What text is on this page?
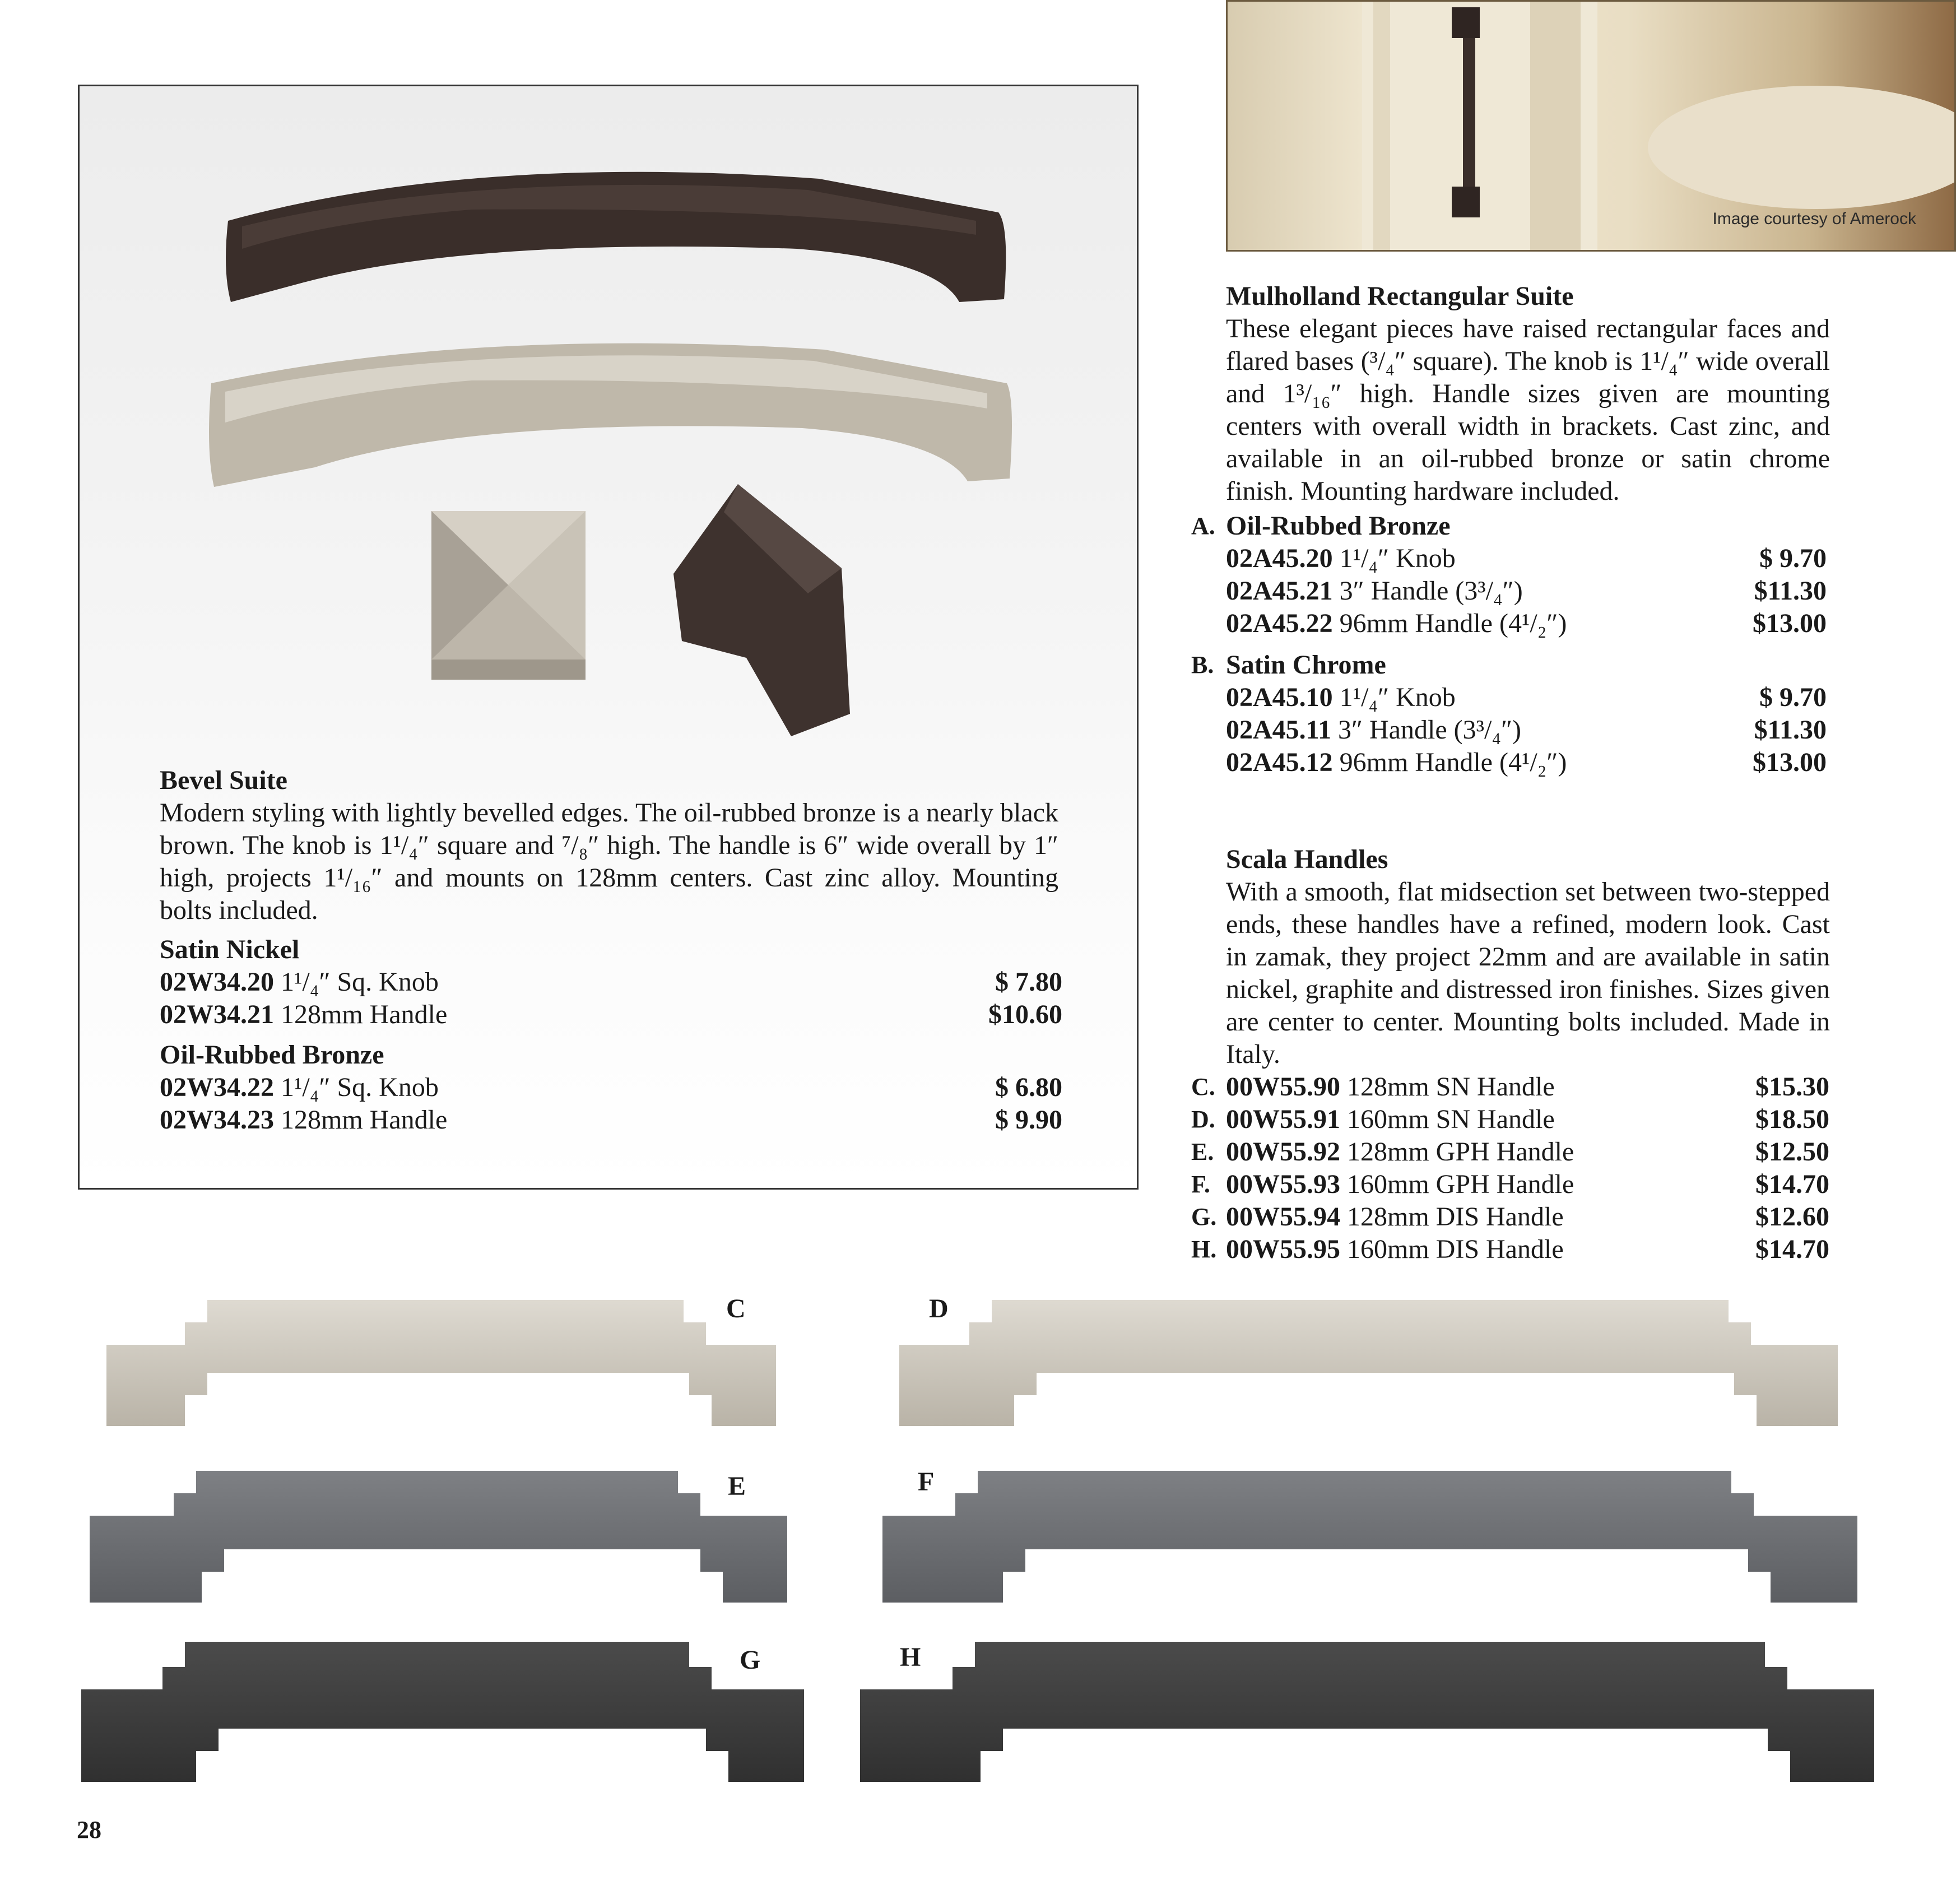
Bevel Suite
Modern styling with lightly bevelled edges. The oil-rubbed bronze is a nearly black brown. The knob is 1¹/₄″ square and ⁷/₈″ high. The handle is 6″ wide overall by 1″ high, projects 1¹/₁₆″ and mounts on 128mm centers. Cast zinc alloy. Mounting bolts included.
Satin Nickel
02W34.20 1¹/₄″ Sq. Knob	$ 7.80
02W34.21 128mm Handle	$10.60
Oil-Rubbed Bronze
02W34.22 1¹/₄″ Sq. Knob	$ 6.80
02W34.23 128mm Handle	$ 9.90
Image courtesy of Amerock
Mulholland Rectangular Suite
These elegant pieces have raised rectangular faces and flared bases (³/₄″ square). The knob is 1¹/₄″ wide overall and 1³/₁₆″ high. Handle sizes given are mounting centers with overall width in brackets. Cast zinc, and available in an oil-rubbed bronze or satin chrome finish. Mounting hardware included.
A. Oil-Rubbed Bronze
02A45.20 1¹/₄″ Knob	$ 9.70
02A45.21 3″ Handle (3³/₄″)	$11.30
02A45.22 96mm Handle (4¹/₂″)	$13.00
B. Satin Chrome
02A45.10 1¹/₄″ Knob	$ 9.70
02A45.11 3″ Handle (3³/₄″)	$11.30
02A45.12 96mm Handle (4¹/₂″)	$13.00
Scala Handles
With a smooth, flat midsection set between two-stepped ends, these handles have a refined, modern look. Cast in zamak, they project 22mm and are available in satin nickel, graphite and distressed iron finishes. Sizes given are center to center. Mounting bolts included. Made in Italy.
C. 00W55.90 128mm SN Handle	$15.30
D. 00W55.91 160mm SN Handle	$18.50
E. 00W55.92 128mm GPH Handle	$12.50
F. 00W55.93 160mm GPH Handle	$14.70
G. 00W55.94 128mm DIS Handle	$12.60
H. 00W55.95 160mm DIS Handle	$14.70
C	D
E	F
G	H
28
